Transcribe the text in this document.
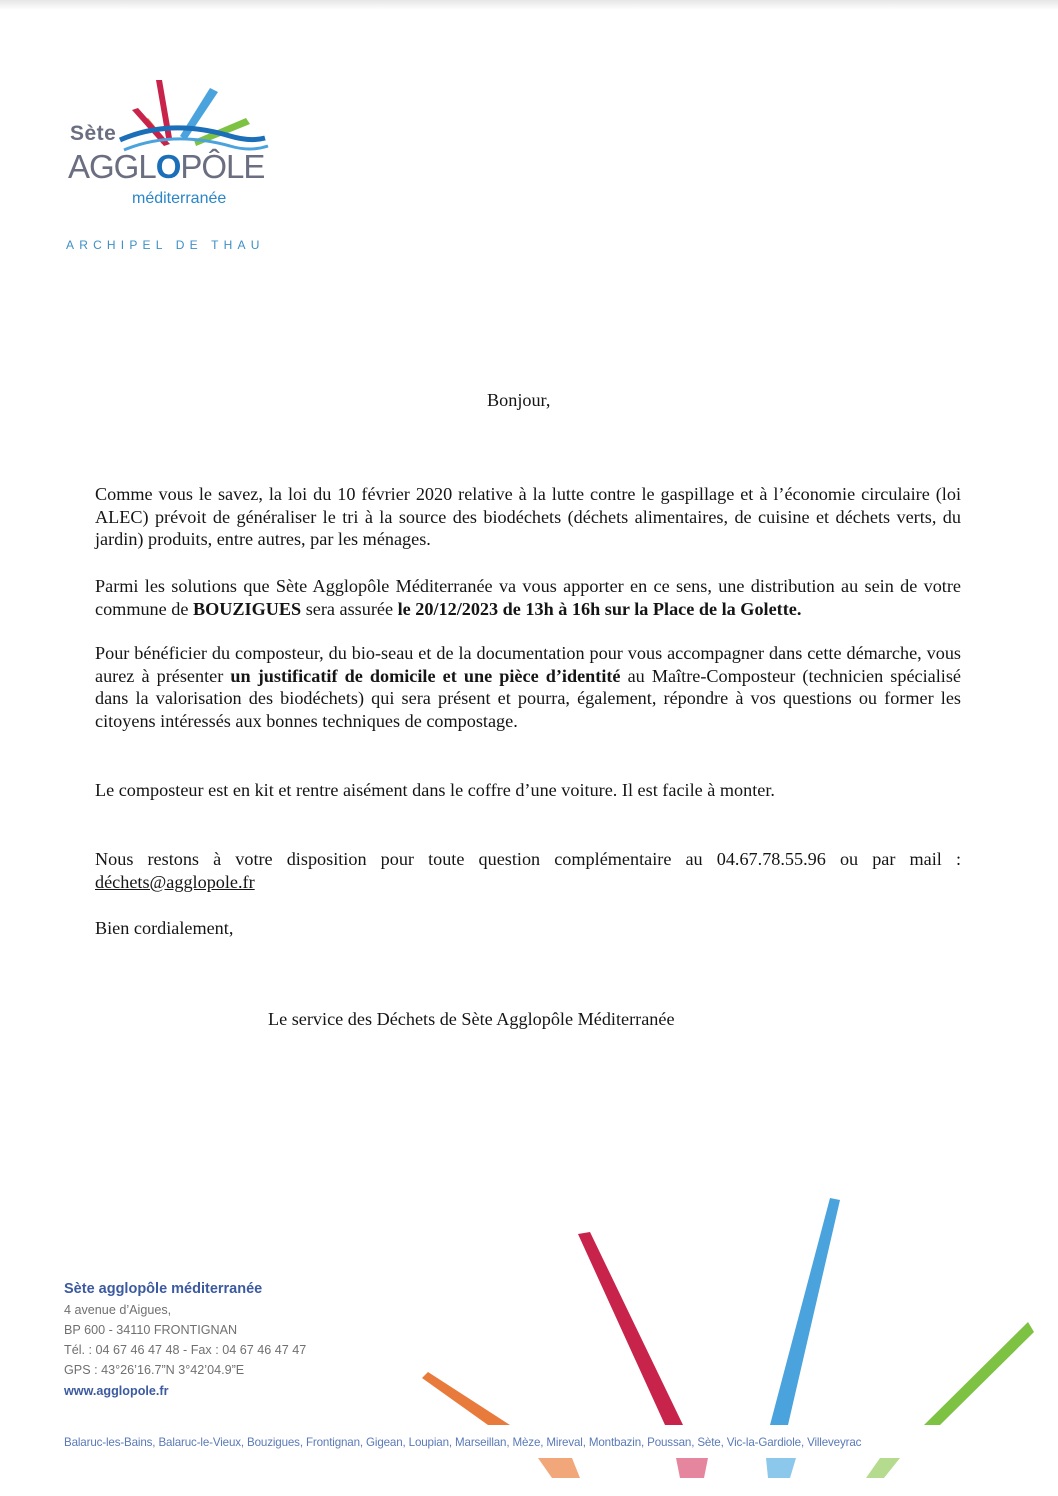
Sète
AGGLOPÔLE
méditerranée
ARCHIPEL DE THAU
Bonjour,
Comme vous le savez, la loi du 10 février 2020 relative à la lutte contre le gaspillage et à l’économie circulaire (loi ALEC) prévoit de généraliser le tri à la source des biodéchets (déchets alimentaires, de cuisine et déchets verts, du jardin) produits, entre autres, par les ménages.
Parmi les solutions que Sète Agglopôle Méditerranée va vous apporter en ce sens, une distribution au sein de votre commune de BOUZIGUES sera assurée le 20/12/2023 de 13h à 16h sur la Place de la Golette.
Pour bénéficier du composteur, du bio-seau et de la documentation pour vous accompagner dans cette démarche, vous aurez à présenter un justificatif de domicile et une pièce d’identité au Maître-Composteur (technicien spécialisé dans la valorisation des biodéchets) qui sera présent et pourra, également, répondre à vos questions ou former les citoyens intéressés aux bonnes techniques de compostage.
Le composteur est en kit et rentre aisément dans le coffre d’une voiture. Il est facile à monter.
Nous restons à votre disposition pour toute question complémentaire au 04.67.78.55.96 ou par mail : déchets@agglopole.fr
Bien cordialement,
Le service des Déchets de Sète Agglopôle Méditerranée
Sète agglopôle méditerranée
4 avenue d’Aigues,
BP 600 - 34110 FRONTIGNAN
Tél. : 04 67 46 47 48 - Fax : 04 67 46 47 47
GPS : 43°26’16.7”N 3°42’04.9”E
www.agglopole.fr
Balaruc-les-Bains, Balaruc-le-Vieux, Bouzigues, Frontignan, Gigean, Loupian, Marseillan, Mèze, Mireval, Montbazin, Poussan, Sète, Vic-la-Gardiole, Villeveyrac
